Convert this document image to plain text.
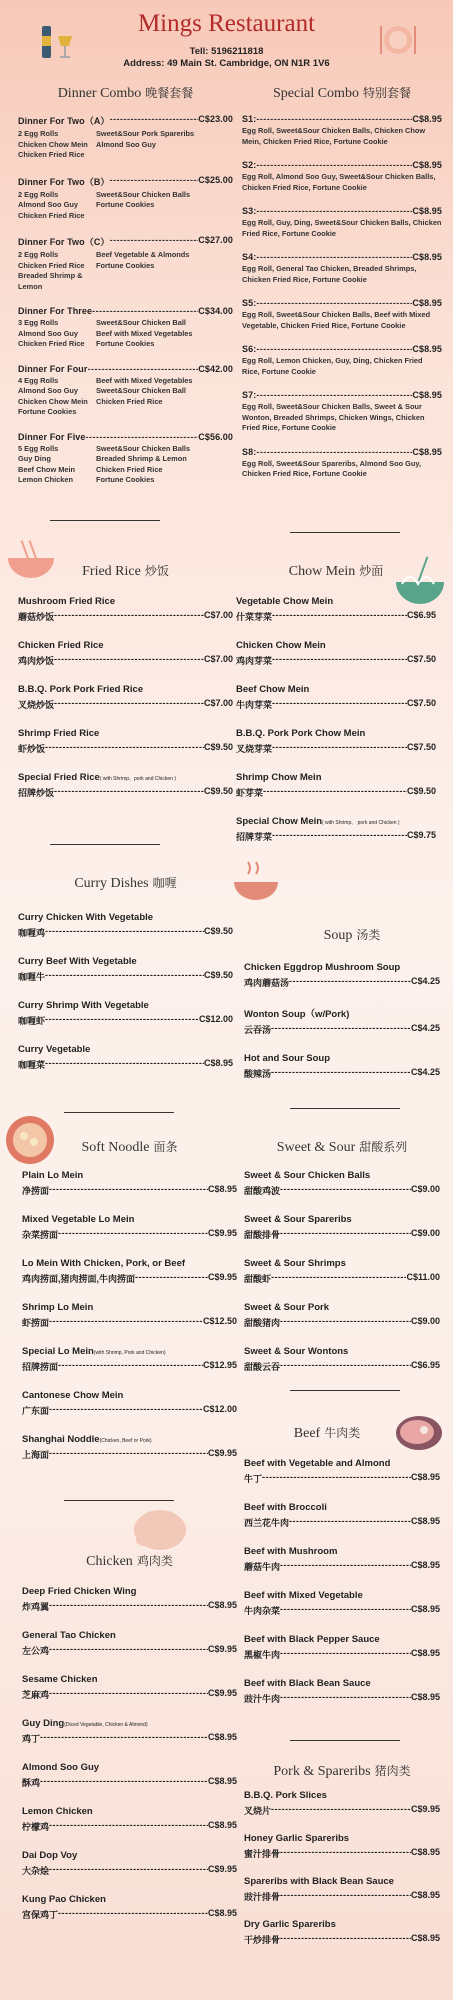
Mings Restaurant
Tell: 5196211818
Address: 49 Main St. Cambridge, ON N1R 1V6
Dinner Combo 晚餐套餐
Dinner For Two（A） -----	C$23.00
2 Egg Rolls	Sweet&Sour Pork Spareribs
Chicken Chow Mein	Almond Soo Guy
Chicken Fried Rice
Dinner For Two（B） -----	C$25.00
2 Egg Rolls	Sweet&Sour Chicken Balls
Almond Soo Guy	Fortune Cookies
Chicken Fried Rice
Dinner For Two（C） -----	C$27.00
2 Egg Rolls	Beef Vegetable & Almonds
Chicken Fried Rice	Fortune Cookies
Breaded Shrimp & Lemon
Dinner For Three -----	C$34.00
3 Egg Rolls	Sweet&Sour Chicken Ball
Almond Soo Guy	Beef with Mixed Vegetables
Chicken Fried Rice	Fortune Cookies
Dinner For Four -----	C$42.00
4 Egg Rolls	Beef with Mixed Vegetables
Almond Soo Guy	Sweet&Sour Chicken Ball
Chicken Chow Mein	Chicken Fried Rice
Fortune Cookies
Dinner For Five -----	C$56.00
5 Egg Rolls	Sweet&Sour Chicken Balls
Guy Ding	Breaded Shrimp & Lemon
Beef Chow Mein	Chicken Fried Rice
Lemon Chicken	Fortune Cookies
Special Combo 特别套餐
S1: -----	C$8.95
Egg Roll, Sweet&Sour Chicken Balls, Chicken Chow Mein, Chicken Fried Rice, Fortune Cookie
S2: -----	C$8.95
Egg Roll, Almond Soo Guy, Sweet&Sour Chicken Balls, Chicken Fried Rice, Fortune Cookie
S3: -----	C$8.95
Egg Roll, Guy, Ding, Sweet&Sour Chicken Balls, Chicken Fried Rice, Fortune Cookie
S4: -----	C$8.95
Egg Roll, General Tao Chicken, Breaded Shrimps, Chicken Fried Rice, Fortune Cookie
S5: -----	C$8.95
Egg Roll, Sweet&Sour Chicken Balls, Beef with Mixed Vegetable, Chicken Fried Rice, Fortune Cookie
S6: -----	C$8.95
Egg Roll, Lemon Chicken, Guy, Ding, Chicken Fried Rice, Fortune Cookie
S7: -----	C$8.95
Egg Roll, Sweet&Sour Chicken Balls, Sweet & Sour Wonton, Breaded Shrimps, Chicken Wings, Chicken Fried Rice, Fortune Cookie
S8: -----	C$8.95
Egg Roll, Sweet&Sour Spareribs, Almond Soo Guy, Chicken Fried Rice, Fortune Cookie
Fried Rice 炒饭
Mushroom Fried Rice
蘑菇炒饭 -----	C$7.00
Chicken Fried Rice
鸡肉炒饭 -----	C$7.00
B.B.Q. Pork Pork Fried Rice
叉烧炒饭 -----	C$7.00
Shrimp Fried Rice
虾炒饭 -----	C$9.50
Special Fried Rice( with Shrimp、pork and Chicken )
招牌炒饭 -----	C$9.50
Chow Mein 炒面
Vegetable Chow Mein
什菜芽菜 -----	C$6.95
Chicken Chow Mein
鸡肉芽菜 -----	C$7.50
Beef Chow Mein
牛肉芽菜 -----	C$7.50
B.B.Q. Pork Pork Chow Mein
叉烧芽菜 -----	C$7.50
Shrimp Chow Mein
虾芽菜 -----	C$9.50
Special Chow Mein( with Shrimp、 pork and Chicken )
招牌芽菜 -----	C$9.75
Curry Dishes 咖喱
Curry Chicken With Vegetable
咖喱鸡 -----	C$9.50
Curry Beef With Vegetable
咖喱牛 -----	C$9.50
Curry Shrimp With Vegetable
咖喱虾 -----	C$12.00
Curry Vegetable
咖喱菜 -----	C$8.95
Soup 汤类
Chicken Eggdrop Mushroom Soup
鸡肉蘑菇汤 -----	C$4.25
Wonton Soup（w/Pork)
云吞汤 -----	C$4.25
Hot and Sour Soup
酸辣汤 -----	C$4.25
Soft Noodle 面条
Plain Lo Mein
净捞面 -----	C$8.95
Mixed Vegetable Lo Mein
杂菜捞面 -----	C$9.95
Lo Mein With Chicken, Pork, or Beef
鸡肉捞面,猪肉捞面,牛肉捞面 -----	C$9.95
Shrimp Lo Mein
虾捞面 -----	C$12.50
Special Lo Mein(with Shrimp, Pork and Chicken)
招牌捞面 -----	C$12.95
Cantonese Chow Mein
广东面 -----	C$12.00
Shanghai Noddle(Chicken, Beef or Pork)
上海面 -----	C$9.95
Sweet & Sour 甜酸系列
Sweet & Sour Chicken Balls
甜酸鸡波 -----	C$9.00
Sweet & Sour Spareribs
甜酸排骨 -----	C$9.00
Sweet & Sour Shrimps
甜酸虾 -----	C$11.00
Sweet & Sour Pork
甜酸猪肉 -----	C$9.00
Sweet & Sour Wontons
甜酸云吞 -----	C$6.95
Beef 牛肉类
Beef with Vegetable and Almond
牛丁 -----	C$8.95
Beef with Broccoli
西兰花牛肉 -----	C$8.95
Beef with Mushroom
蘑菇牛肉 -----	C$8.95
Beef with Mixed Vegetable
牛肉杂菜 -----	C$8.95
Beef with Black Pepper Sauce
黑椒牛肉 -----	C$8.95
Beef with Black Bean Sauce
豉汁牛肉 -----	C$8.95
Chicken 鸡肉类
Deep Fried Chicken Wing
炸鸡翼 -----	C$8.95
General Tao Chicken
左公鸡 -----	C$9.95
Sesame Chicken
芝麻鸡 -----	C$9.95
Guy Ding(Diced Vegetable, Chicken & Almond)
鸡丁 -----	C$8.95
Almond Soo Guy
酥鸡 -----	C$8.95
Lemon Chicken
柠檬鸡 -----	C$8.95
Dai Dop Voy
大杂烩 -----	C$9.95
Kung Pao Chicken
宫保鸡丁 -----	C$8.95
Pork & Spareribs 猪肉类
B.B.Q. Pork Slices
叉烧片 -----	C$9.95
Honey Garlic Spareribs
蜜汁排骨 -----	C$8.95
Spareribs with Black Bean Sauce
豉汁排骨 -----	C$8.95
Dry Garlic Spareribs
干炒排骨 -----	C$8.95
